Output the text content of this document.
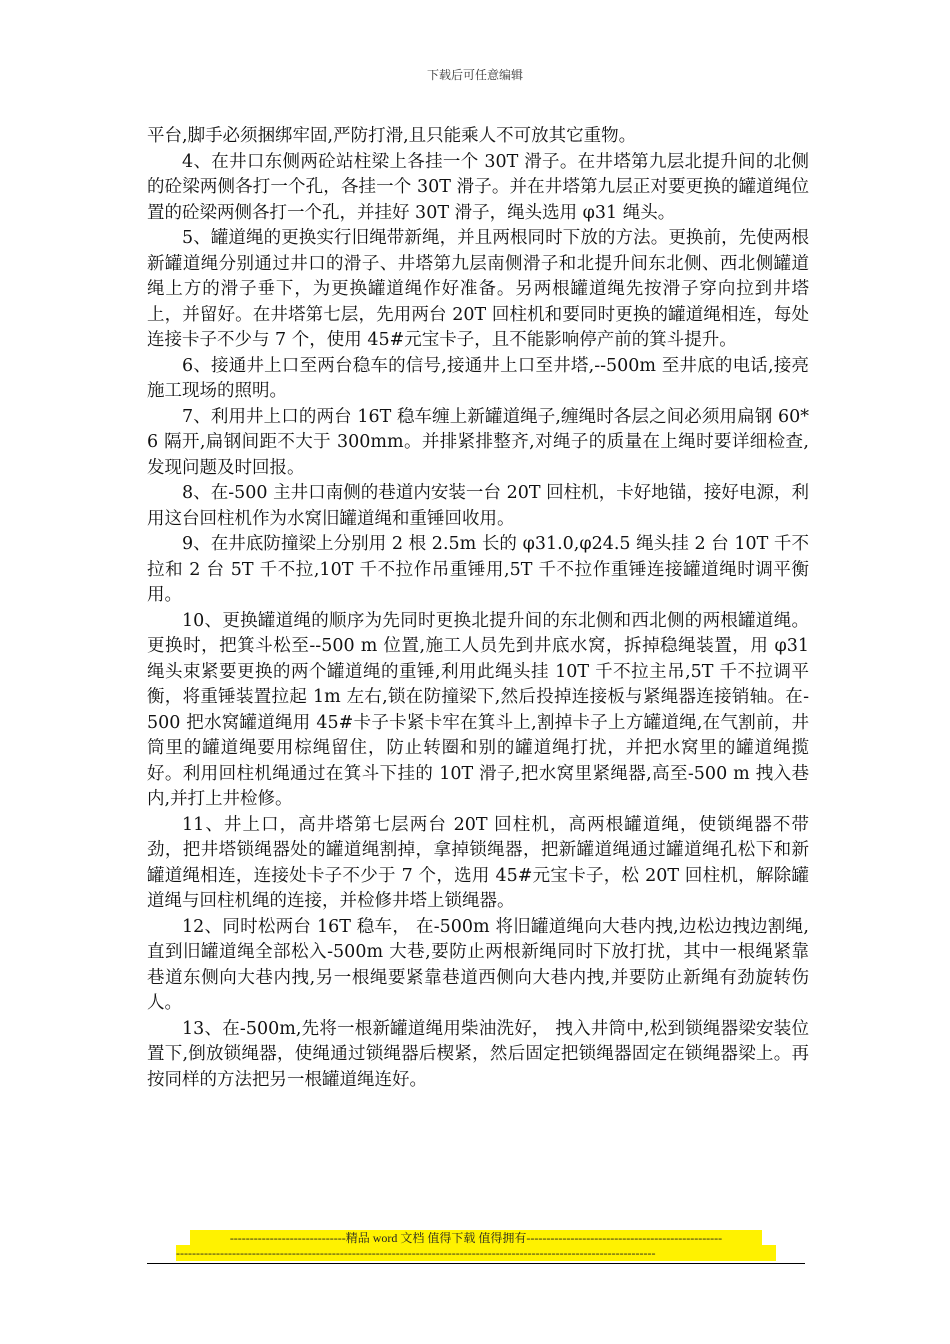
下载后可任意编辑

平台,脚手必须捆绑牢固,严防打滑,且只能乘人不可放其它重物。

4、在井口东侧两砼站柱梁上各挂一个 30T 滑子。在井塔第九层北提升间的北侧的砼梁两侧各打一个孔，各挂一个 30T 滑子。并在井塔第九层正对要更换的罐道绳位置的砼梁两侧各打一个孔，并挂好 30T 滑子，绳头选用 φ31 绳头。

5、罐道绳的更换实行旧绳带新绳，并且两根同时下放的方法。更换前，先使两根新罐道绳分别通过井口的滑子、井塔第九层南侧滑子和北提升间东北侧、西北侧罐道绳上方的滑子垂下，为更换罐道绳作好准备。另两根罐道绳先按滑子穿向拉到井塔上，并留好。在井塔第七层，先用两台 20T 回柱机和要同时更换的罐道绳相连，每处连接卡子不少与 7 个，使用 45#元宝卡子，且不能影响停产前的箕斗提升。

6、接通井上口至两台稳车的信号,接通井上口至井塔,--500m 至井底的电话,接亮施工现场的照明。

7、利用井上口的两台 16T 稳车缠上新罐道绳子,缠绳时各层之间必须用扁钢 60*6 隔开,扁钢间距不大于 300mm。并排紧排整齐,对绳子的质量在上绳时要详细检查,发现问题及时回报。

8、在-500 主井口南侧的巷道内安装一台 20T 回柱机，卡好地锚，接好电源，利用这台回柱机作为水窝旧罐道绳和重锤回收用。

9、在井底防撞梁上分别用 2 根 2.5m 长的 φ31.0,φ24.5 绳头挂 2 台 10T 千不拉和 2 台 5T 千不拉,10T 千不拉作吊重锤用,5T 千不拉作重锤连接罐道绳时调平衡用。

10、更换罐道绳的顺序为先同时更换北提升间的东北侧和西北侧的两根罐道绳。更换时，把箕斗松至--500 m 位置,施工人员先到井底水窝，拆掉稳绳装置，用 φ31 绳头束紧要更换的两个罐道绳的重锤,利用此绳头挂 10T 千不拉主吊,5T 千不拉调平衡，将重锤装置拉起 1m 左右,锁在防撞梁下,然后投掉连接板与紧绳器连接销轴。在-500 把水窝罐道绳用 45#卡子卡紧卡牢在箕斗上,割掉卡子上方罐道绳,在气割前，井筒里的罐道绳要用棕绳留住，防止转圈和别的罐道绳打扰，并把水窝里的罐道绳揽好。利用回柱机绳通过在箕斗下挂的 10T 滑子,把水窝里紧绳器,高至-500 m 拽入巷内,并打上井检修。

11、井上口，高井塔第七层两台 20T 回柱机，高两根罐道绳，使锁绳器不带劲，把井塔锁绳器处的罐道绳割掉，拿掉锁绳器，把新罐道绳通过罐道绳孔松下和新罐道绳相连，连接处卡子不少于 7 个，选用 45#元宝卡子，松 20T 回柱机，解除罐道绳与回柱机绳的连接，并检修井塔上锁绳器。

12、同时松两台 16T 稳车， 在-500m 将旧罐道绳向大巷内拽,边松边拽边割绳,直到旧罐道绳全部松入-500m 大巷,要防止两根新绳同时下放打扰，其中一根绳紧靠巷道东侧向大巷内拽,另一根绳要紧靠巷道西侧向大巷内拽,并要防止新绳有劲旋转伤人。

13、在-500m,先将一根新罐道绳用柴油洗好， 拽入井筒中,松到锁绳器梁安装位置下,倒放锁绳器，使绳通过锁绳器后楔紧，然后固定把锁绳器固定在锁绳器梁上。再按同样的方法把另一根罐道绳连好。

-----------------------------精品 word 文档 值得下载 值得拥有-------------------------------------------------
------------------------------------------------------------------------------------------------------------------------
